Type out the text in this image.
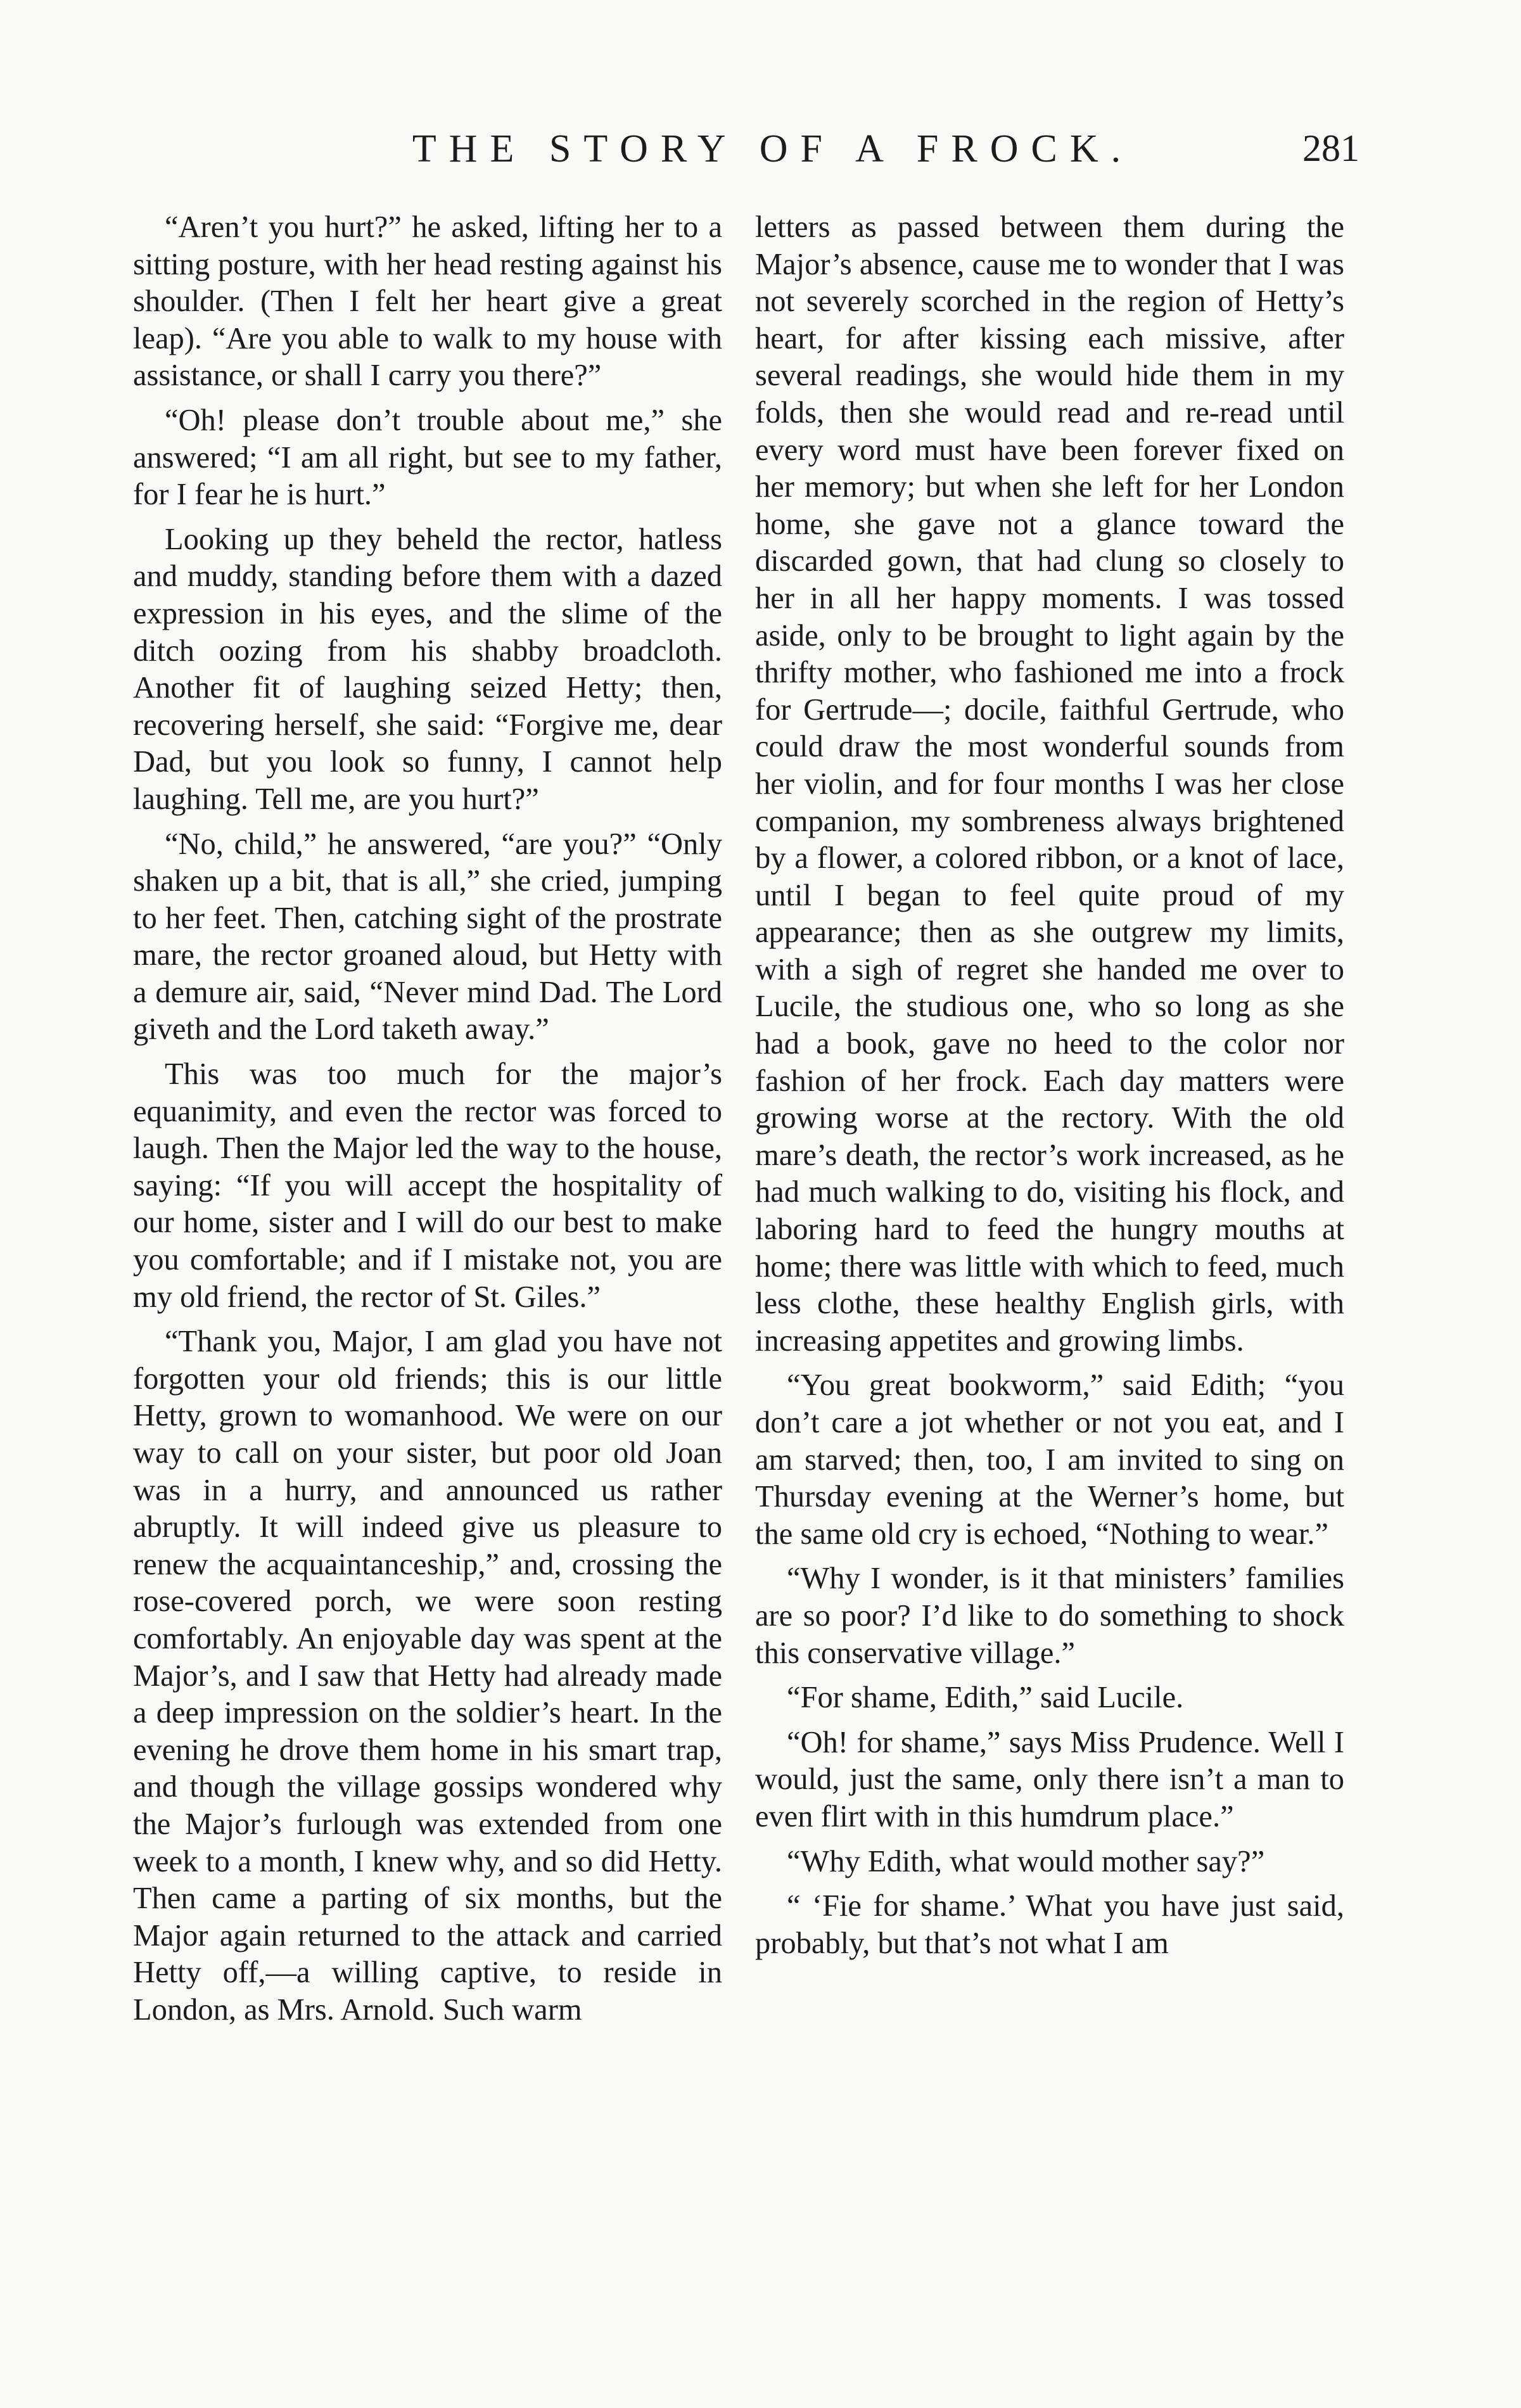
THE STORY OF A FROCK.	281

“Aren’t you hurt?” he asked, lifting her to a sitting posture, with her head resting against his shoulder. (Then I felt her heart give a great leap). “Are you able to walk to my house with assistance, or shall I carry you there?”

“Oh! please don’t trouble about me,” she answered; “I am all right, but see to my father, for I fear he is hurt.”

Looking up they beheld the rector, hatless and muddy, standing before them with a dazed expression in his eyes, and the slime of the ditch oozing from his shabby broadcloth. Another fit of laughing seized Hetty; then, recovering herself, she said: “Forgive me, dear Dad, but you look so funny, I cannot help laughing. Tell me, are you hurt?”

“No, child,” he answered, “are you?” “Only shaken up a bit, that is all,” she cried, jumping to her feet. Then, catching sight of the prostrate mare, the rector groaned aloud, but Hetty with a demure air, said, “Never mind Dad. The Lord giveth and the Lord taketh away.”

This was too much for the major’s equanimity, and even the rector was forced to laugh. Then the Major led the way to the house, saying: “If you will accept the hospitality of our home, sister and I will do our best to make you comfortable; and if I mistake not, you are my old friend, the rector of St. Giles.”

“Thank you, Major, I am glad you have not forgotten your old friends; this is our little Hetty, grown to womanhood. We were on our way to call on your sister, but poor old Joan was in a hurry, and announced us rather abruptly. It will indeed give us pleasure to renew the acquaintanceship,” and, crossing the rose-covered porch, we were soon resting comfortably. An enjoyable day was spent at the Major’s, and I saw that Hetty had already made a deep impression on the soldier’s heart. In the evening he drove them home in his smart trap, and though the village gossips wondered why the Major’s furlough was extended from one week to a month, I knew why, and so did Hetty. Then came a parting of six months, but the Major again returned to the attack and carried Hetty off,—a willing captive, to reside in London, as Mrs. Arnold. Such warm

letters as passed between them during the Major’s absence, cause me to wonder that I was not severely scorched in the region of Hetty’s heart, for after kissing each missive, after several readings, she would hide them in my folds, then she would read and re-read until every word must have been forever fixed on her memory; but when she left for her London home, she gave not a glance toward the discarded gown, that had clung so closely to her in all her happy moments. I was tossed aside, only to be brought to light again by the thrifty mother, who fashioned me into a frock for Gertrude—; docile, faithful Gertrude, who could draw the most wonderful sounds from her violin, and for four months I was her close companion, my sombreness always brightened by a flower, a colored ribbon, or a knot of lace, until I began to feel quite proud of my appearance; then as she outgrew my limits, with a sigh of regret she handed me over to Lucile, the studious one, who so long as she had a book, gave no heed to the color nor fashion of her frock. Each day matters were growing worse at the rectory. With the old mare’s death, the rector’s work increased, as he had much walking to do, visiting his flock, and laboring hard to feed the hungry mouths at home; there was little with which to feed, much less clothe, these healthy English girls, with increasing appetites and growing limbs.

“You great bookworm,” said Edith; “you don’t care a jot whether or not you eat, and I am starved; then, too, I am invited to sing on Thursday evening at the Werner’s home, but the same old cry is echoed, “Nothing to wear.”

“Why I wonder, is it that ministers’ families are so poor? I’d like to do something to shock this conservative village.”

“For shame, Edith,” said Lucile.

“Oh! for shame,” says Miss Prudence. Well I would, just the same, only there isn’t a man to even flirt with in this humdrum place.”

“Why Edith, what would mother say?”

“ ‘Fie for shame.’ What you have just said, probably, but that’s not what I am
